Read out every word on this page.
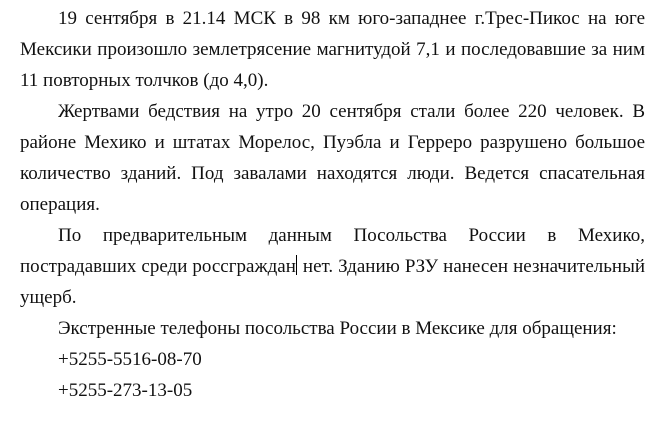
19 сентября в 21.14 МСК в 98 км юго-западнее г.Трес-Пикос на юге Мексики произошло землетрясение магнитудой 7,1 и последовавшие за ним 11 повторных толчков (до 4,0).

Жертвами бедствия на утро 20 сентября стали более 220 человек. В районе Мехико и штатах Морелос, Пуэбла и Герреро разрушено большое количество зданий. Под завалами находятся люди. Ведется спасательная операция.

По предварительным данным Посольства России в Мехико, пострадавших среди россграждан нет. Зданию РЗУ нанесен незначительный ущерб.

Экстренные телефоны посольства России в Мексике для обращения:

+5255-5516-08-70

+5255-273-13-05
